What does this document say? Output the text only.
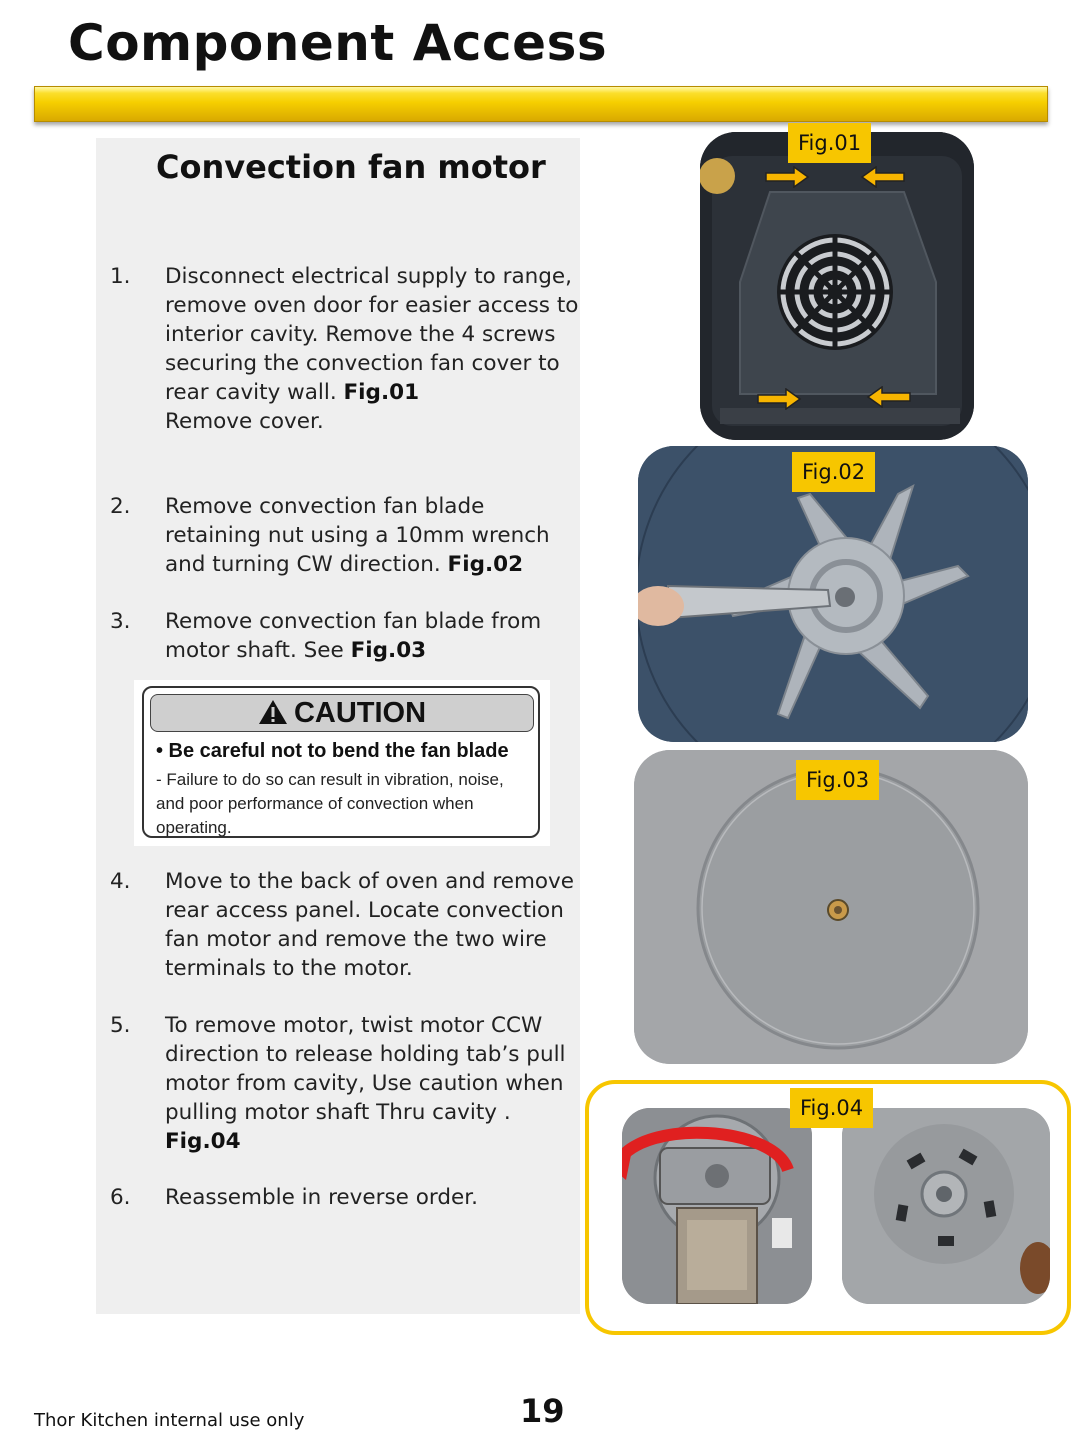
Component Access
Convection fan motor
1.	Disconnect electrical supply to range, remove oven door for easier access to interior cavity. Remove the 4 screws securing the convection fan cover to rear cavity wall. Fig.01
Remove cover.
2.	Remove convection fan blade retaining nut using a 10mm wrench and turning CW direction. Fig.02
3.	Remove convection fan blade from motor shaft. See Fig.03
CAUTION
• Be careful not to bend the fan blade
- Failure to do so can result in vibration, noise, and poor performance of convection when operating.
4.	Move to the back of oven and remove rear access panel. Locate convection fan motor and remove the two wire terminals to the motor.
5.	To remove motor, twist motor CCW direction to release holding tab’s pull motor from cavity, Use caution when pulling motor shaft Thru cavity .
Fig.04
6.	Reassemble in reverse order.
Fig.01
Fig.02
Fig.03
Fig.04
Thor Kitchen internal use only	19
